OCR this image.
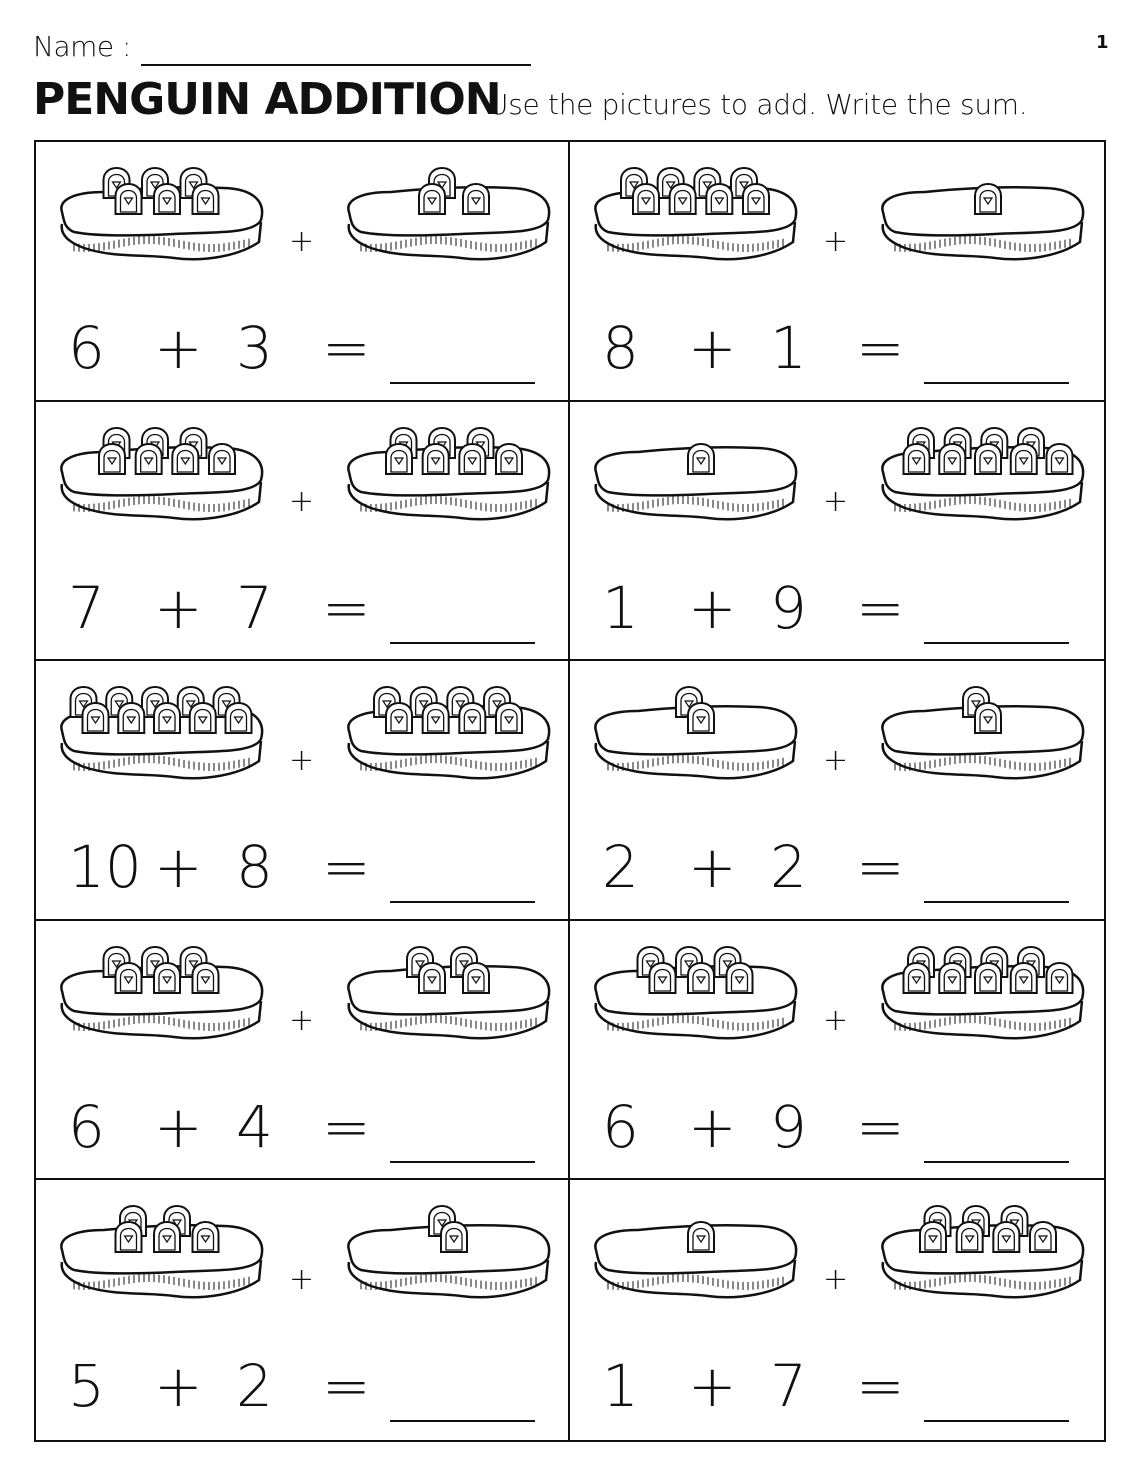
Name :	1
PENGUIN ADDITION
Use the pictures to add. Write the sum.
+
6 + 3 =
+
8 + 1 =
+
7 + 7 =
+
1 + 9 =
+
10 + 8 =
+
2 + 2 =
+
6 + 4 =
+
6 + 9 =
+
5 + 2 =
+
1 + 7 =
